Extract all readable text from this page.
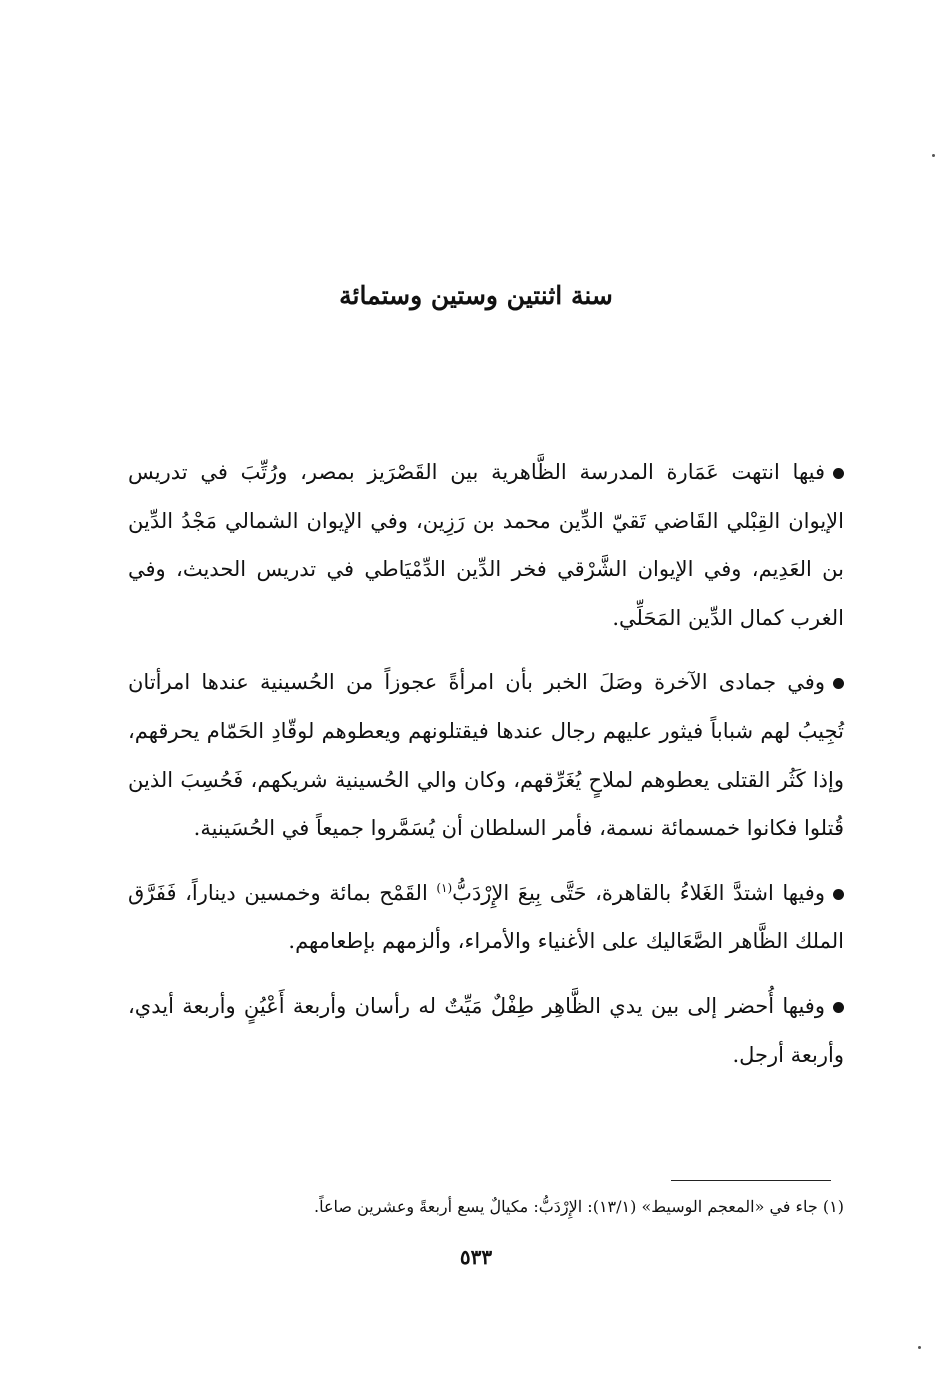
سنة اثنتين وستين وستمائة

فيها انتهت عَمَارة المدرسة الظَّاهرية بين القَصْرَيز بمصر، ورُتِّبَ في تدريس الإيوان القِبْلي القَاضي تَقيّ الدِّين محمد بن رَزِين، وفي الإيوان الشمالي مَجْدُ الدِّين بن العَدِيم، وفي الإيوان الشَّرْقي فخر الدِّين الدِّمْيَاطي في تدريس الحديث، وفي الغرب كمال الدِّين المَحَلِّي.

وفي جمادى الآخرة وصَلَ الخبر بأن امرأةً عجوزاً من الحُسينية عندها امرأتان تُجِيبُ لهم شباباً فيثور عليهم رجال عندها فيقتلونهم ويعطوهم لوقّادِ الحَمّام يحرقهم، وإذا كَثُر القتلى يعطوهم لملاحٍ يُغَرِّقهم، وكان والي الحُسينية شريكهم، فَحُسِبَ الذين قُتلوا فكانوا خمسمائة نسمة، فأمر السلطان أن يُسَمَّروا جميعاً في الحُسَينية.

وفيها اشتدَّ الغَلاءُ بالقاهرة، حَتَّى بِيعَ الإِرْدَبُّ$^{(١)}$ القَمْح بمائة وخمسين ديناراً، فَفَرَّق الملك الظَّاهر الصَّعَاليك على الأغنياء والأمراء، وألزمهم بإطعامهم.

وفيها أُحضر إلى بين يدي الظَّاهِر طِفْلٌ مَيِّتٌ له رأسان وأربعة أَعْيُنٍ وأربعة أيدي، وأربعة أرجل.

(١) جاء في «المعجم الوسيط» (١٣/١): الإِرْدَبُّ: مكيالٌ يسع أربعةً وعشرين صاعاً.

٥٣٣
